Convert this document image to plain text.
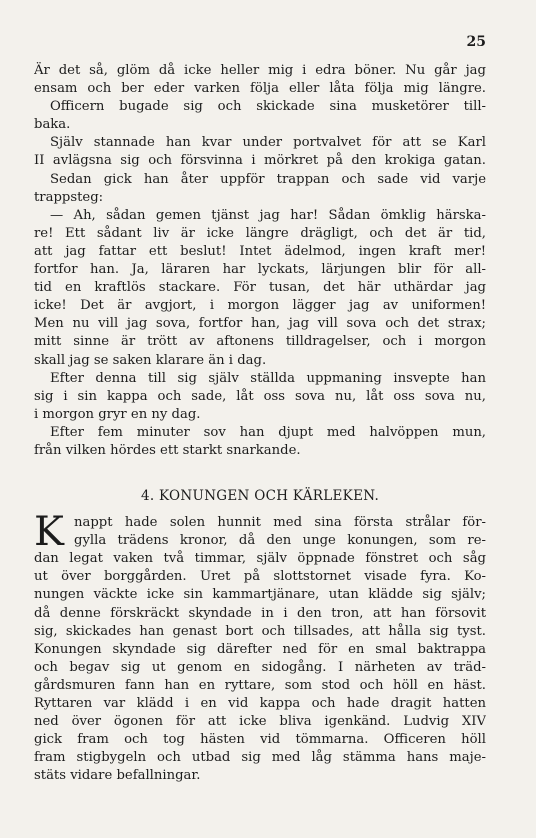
25
Är det så, glöm då icke heller mig i edra böner. Nu går jag
ensam och ber eder varken följa eller låta följa mig längre.
Officern bugade sig och skickade sina musketörer till-
baka.
Själv stannade han kvar under portvalvet för att se Karl
II avlägsna sig och försvinna i mörkret på den krokiga gatan.
Sedan gick han åter uppför trappan och sade vid varje
trappsteg:
— Ah, sådan gemen tjänst jag har! Sådan ömklig härska-
re! Ett sådant liv är icke längre drägligt, och det är tid,
att jag fattar ett beslut! Intet ädelmod, ingen kraft mer!
fortfor han. Ja, läraren har lyckats, lärjungen blir för all-
tid en kraftlös stackare. För tusan, det här uthärdar jag
icke! Det är avgjort, i morgon lägger jag av uniformen!
Men nu vill jag sova, fortfor han, jag vill sova och det strax;
mitt sinne är trött av aftonens tilldragelser, och i morgon
skall jag se saken klarare än i dag.
Efter denna till sig själv ställda uppmaning insvepte han
sig i sin kappa och sade, låt oss sova nu, låt oss sova nu,
i morgon gryr en ny dag.
Efter fem minuter sov han djupt med halvöppen mun,
från vilken hördes ett starkt snarkande.
4. KONUNGEN OCH KÄRLEKEN.
K nappt hade solen hunnit med sina första strålar för-
gylla trädens kronor, då den unge konungen, som re-
dan legat vaken två timmar, själv öppnade fönstret och såg
ut över borggården. Uret på slottstornet visade fyra. Ko-
nungen väckte icke sin kammartjänare, utan klädde sig själv;
då denne förskräckt skyndade in i den tron, att han försovit
sig, skickades han genast bort och tillsades, att hålla sig tyst.
Konungen skyndade sig därefter ned för en smal baktrappa
och begav sig ut genom en sidogång. I närheten av träd-
gårdsmuren fann han en ryttare, som stod och höll en häst.
Ryttaren var klädd i en vid kappa och hade dragit hatten
ned över ögonen för att icke bliva igenkänd. Ludvig XIV
gick fram och tog hästen vid tömmarna. Officeren höll
fram stigbygeln och utbad sig med låg stämma hans maje-
stäts vidare befallningar.
